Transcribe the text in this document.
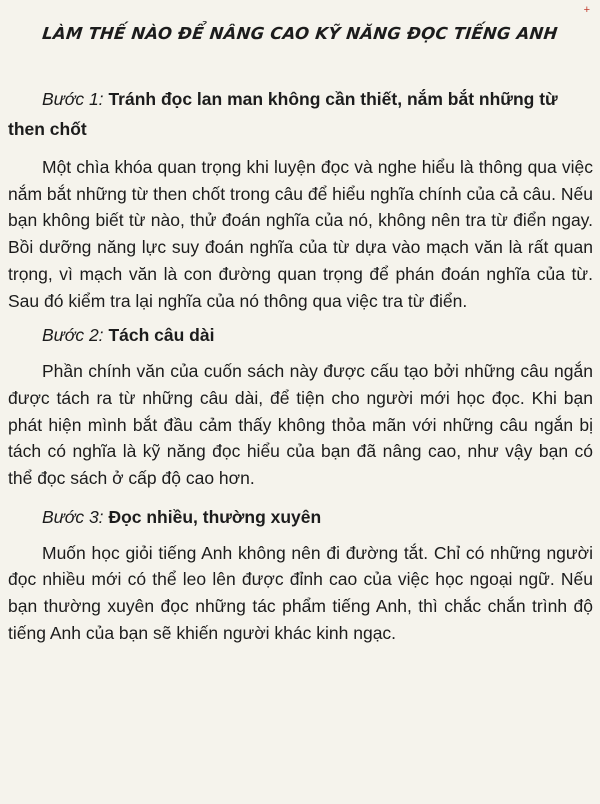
+
LÀM THẾ NÀO ĐỂ NÂNG CAO KỸ NĂNG ĐỌC TIẾNG ANH

Bước 1: Tránh đọc lan man không cần thiết, nắm bắt những từ then chốt

Một chìa khóa quan trọng khi luyện đọc và nghe hiểu là thông qua việc nắm bắt những từ then chốt trong câu để hiểu nghĩa chính của cả câu. Nếu bạn không biết từ nào, thử đoán nghĩa của nó, không nên tra từ điển ngay. Bồi dưỡng năng lực suy đoán nghĩa của từ dựa vào mạch văn là rất quan trọng, vì mạch văn là con đường quan trọng để phán đoán nghĩa của từ. Sau đó kiểm tra lại nghĩa của nó thông qua việc tra từ điển.

Bước 2: Tách câu dài

Phần chính văn của cuốn sách này được cấu tạo bởi những câu ngắn được tách ra từ những câu dài, để tiện cho người mới học đọc. Khi bạn phát hiện mình bắt đầu cảm thấy không thỏa mãn với những câu ngắn bị tách có nghĩa là kỹ năng đọc hiểu của bạn đã nâng cao, như vậy bạn có thể đọc sách ở cấp độ cao hơn.

Bước 3: Đọc nhiều, thường xuyên

Muốn học giỏi tiếng Anh không nên đi đường tắt. Chỉ có những người đọc nhiều mới có thể leo lên được đỉnh cao của việc học ngoại ngữ. Nếu bạn thường xuyên đọc những tác phẩm tiếng Anh, thì chắc chắn trình độ tiếng Anh của bạn sẽ khiến người khác kinh ngạc.
